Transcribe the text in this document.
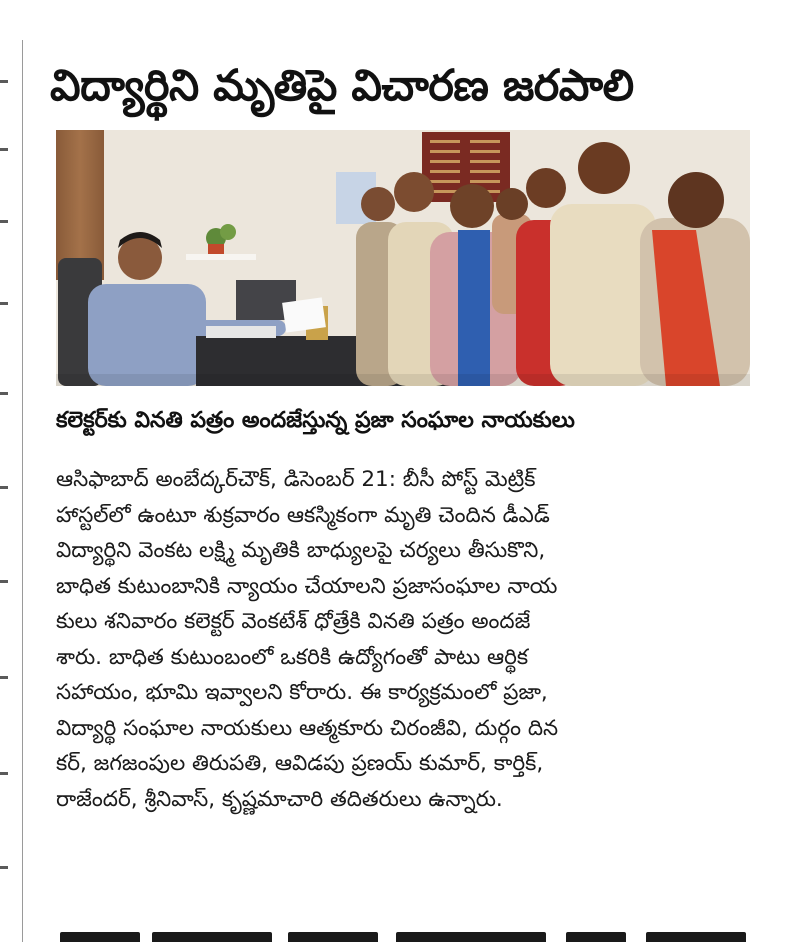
విద్యార్థిని మృతిపై విచారణ జరపాలి

కలెక్టర్‌కు వినతి పత్రం అందజేస్తున్న ప్రజా సంఘాల నాయకులు

ఆసిఫాబాద్ అంబేద్కర్‌చౌక్, డిసెంబర్ 21: బీసీ పోస్ట్ మెట్రిక్
హాస్టల్‌లో ఉంటూ శుక్రవారం ఆకస్మికంగా మృతి చెందిన డీఎడ్
విద్యార్థిని వెంకట లక్ష్మి మృతికి బాధ్యులపై చర్యలు తీసుకొని,
బాధిత కుటుంబానికి న్యాయం చేయాలని ప్రజాసంఘాల నాయ
కులు శనివారం కలెక్టర్ వెంకటేశ్ ధోత్రేకి వినతి పత్రం అందజే
శారు. బాధిత కుటుంబంలో ఒకరికి ఉద్యోగంతో పాటు ఆర్థిక
సహాయం, భూమి ఇవ్వాలని కోరారు. ఈ కార్యక్రమంలో ప్రజా,
విద్యార్థి సంఘాల నాయకులు ఆత్మకూరు చిరంజీవి, దుర్గం దిన
కర్, జగజంపుల తిరుపతి, ఆవిడపు ప్రణయ్ కుమార్, కార్తిక్,
రాజేందర్, శ్రీనివాస్, కృష్ణమాచారి తదితరులు ఉన్నారు.
